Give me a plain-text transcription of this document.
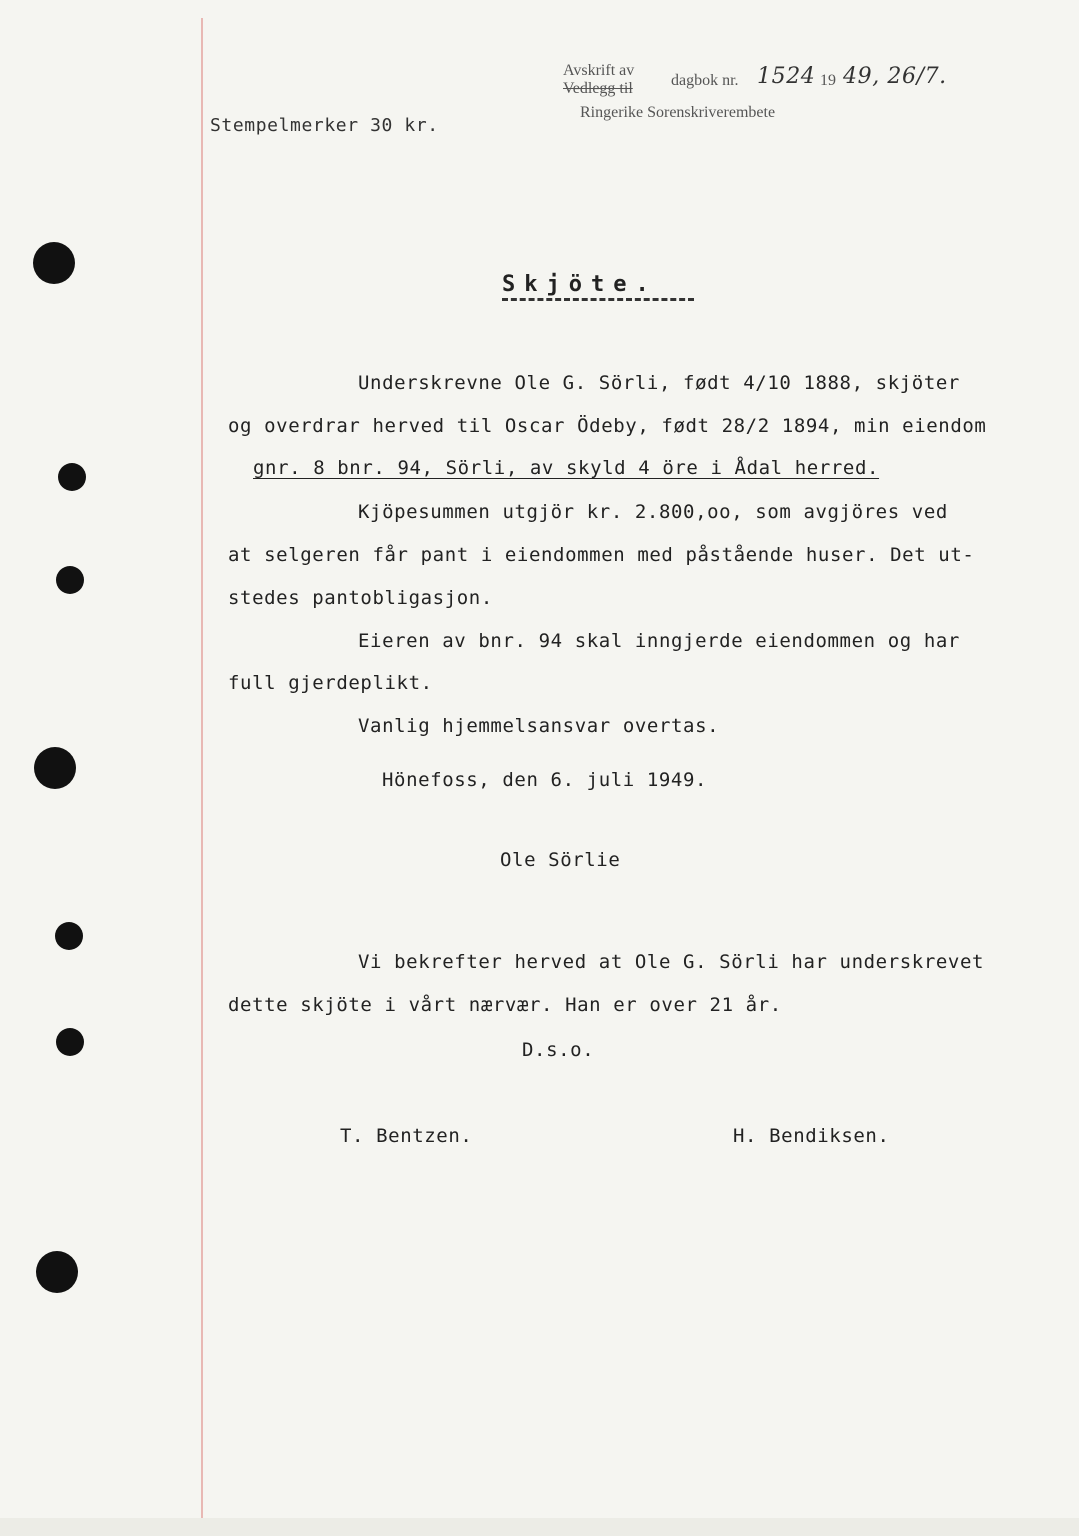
Avskrift av
Vedlegg til dagbok nr. 1524 19 49, 26/7.
Ringerike Sorenskriverembete
Stempelmerker 30 kr.
Skjöte.
Underskrevne Ole G. Sörli, født 4/10 1888, skjöter
og overdrar herved til Oscar Ödeby, født 28/2 1894, min eiendom
gnr. 8 bnr. 94, Sörli, av skyld 4 öre i Ådal herred.
Kjöpesummen utgjör kr. 2.800,oo, som avgjöres ved
at selgeren får pant i eiendommen med påstående huser. Det ut-
stedes pantobligasjon.
Eieren av bnr. 94 skal inngjerde eiendommen og har
full gjerdeplikt.
Vanlig hjemmelsansvar overtas.
Hönefoss, den 6. juli 1949.
Ole Sörlie
Vi bekrefter herved at Ole G. Sörli har underskrevet
dette skjöte i vårt nærvær. Han er over 21 år.
D.s.o.
T. Bentzen.	H. Bendiksen.
